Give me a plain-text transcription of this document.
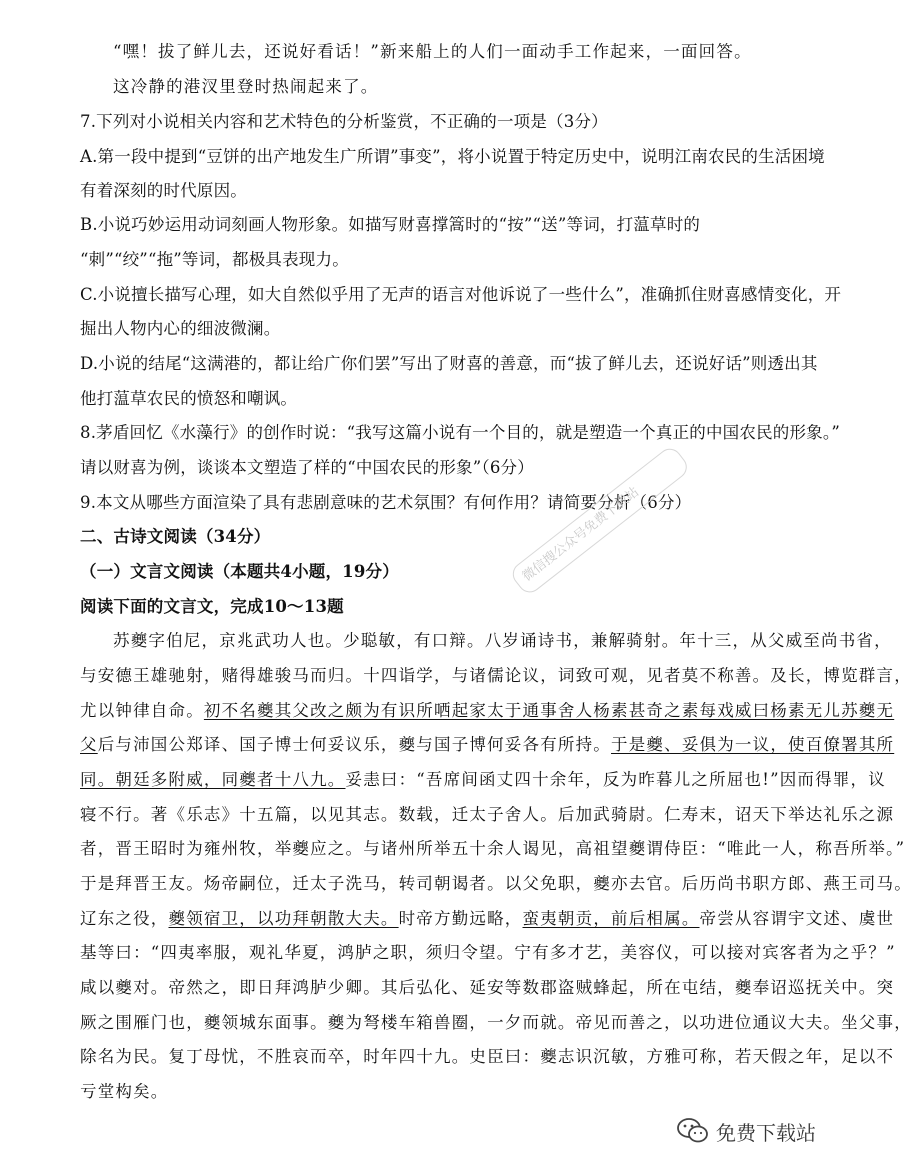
“嘿！拔了鲜儿去，还说好看话！”新来船上的人们一面动手工作起来，一面回答。
这冷静的港汊里登时热闹起来了。
7.下列对小说相关内容和艺术特色的分析鉴赏，不正确的一项是（3分）
A.第一段中提到“豆饼的出产地发生广所谓”事变”，将小说置于特定历史中，说明江南农民的生活困境
有着深刻的时代原因。
B.小说巧妙运用动词刻画人物形象。如描写财喜撑篙时的“按”“送”等词，打蕰草时的
“刺”“绞”“拖”等词，都极具表现力。
C.小说擅长描写心理，如大自然似乎用了无声的语言对他诉说了一些什么”，准确抓住财喜感情变化，开
掘出人物内心的细波微澜。
D.小说的结尾“这满港的，都让给广你们罢”写出了财喜的善意，而“拔了鲜儿去，还说好话”则透出其
他打蕰草农民的愤怒和嘲讽。
8.茅盾回忆《水藻行》的创作时说：“我写这篇小说有一个目的，就是塑造一个真正的中国农民的形象。”
请以财喜为例，谈谈本文塑造了样的“中国农民的形象”（6分）
9.本文从哪些方面渲染了具有悲剧意味的艺术氛围？有何作用？请简要分析（6分）
二、古诗文阅读（34分）
（一）文言文阅读（本题共4小题，19分）
阅读下面的文言文，完成10～13题
苏夔字伯尼，京兆武功人也。少聪敏，有口辩。八岁诵诗书，兼解骑射。年十三，从父威至尚书省，
与安德王雄驰射，赌得雄骏马而归。十四诣学，与诸儒论议，词致可观，见者莫不称善。及长，博览群言，
尤以钟律自命。初不名夔其父改之颇为有识所哂起家太于通事舍人杨素甚奇之素每戏威曰杨素无儿苏夔无
父后与沛国公郑译、国子博士何妥议乐，夔与国子博何妥各有所持。于是夔、妥俱为一议，使百僚署其所
同。朝廷多附威，同夔者十八九。妥恚曰：“吾席间函丈四十余年，反为昨暮儿之所屈也!”因而得罪，议
寝不行。著《乐志》十五篇，以见其志。数载，迁太子舍人。后加武骑尉。仁寿末，诏天下举达礼乐之源
者，晋王昭时为雍州牧，举夔应之。与诸州所举五十余人谒见，高祖望夔谓侍臣：“唯此一人，称吾所举。”
于是拜晋王友。炀帝嗣位，迁太子洗马，转司朝谒者。以父免职，夔亦去官。后历尚书职方郎、燕王司马。
辽东之役，夔领宿卫，以功拜朝散大夫。时帝方勤远略，蛮夷朝贡，前后相属。帝尝从容谓宇文述、虞世
基等曰：“四夷率服，观礼华夏，鸿胪之职，须归令望。宁有多才艺，美容仪，可以接对宾客者为之乎？”
咸以夔对。帝然之，即日拜鸿胪少卿。其后弘化、延安等数郡盗贼蜂起，所在屯结，夔奉诏巡抚关中。突
厥之围雁门也，夔领城东面事。夔为弩楼车箱兽圈，一夕而就。帝见而善之，以功进位通议大夫。坐父事，
除名为民。复丁母忧，不胜哀而卒，时年四十九。史臣曰：夔志识沉敏，方雅可称，若天假之年，足以不
亏堂构矣。
微信搜公众号免费下载站
免费下载站
